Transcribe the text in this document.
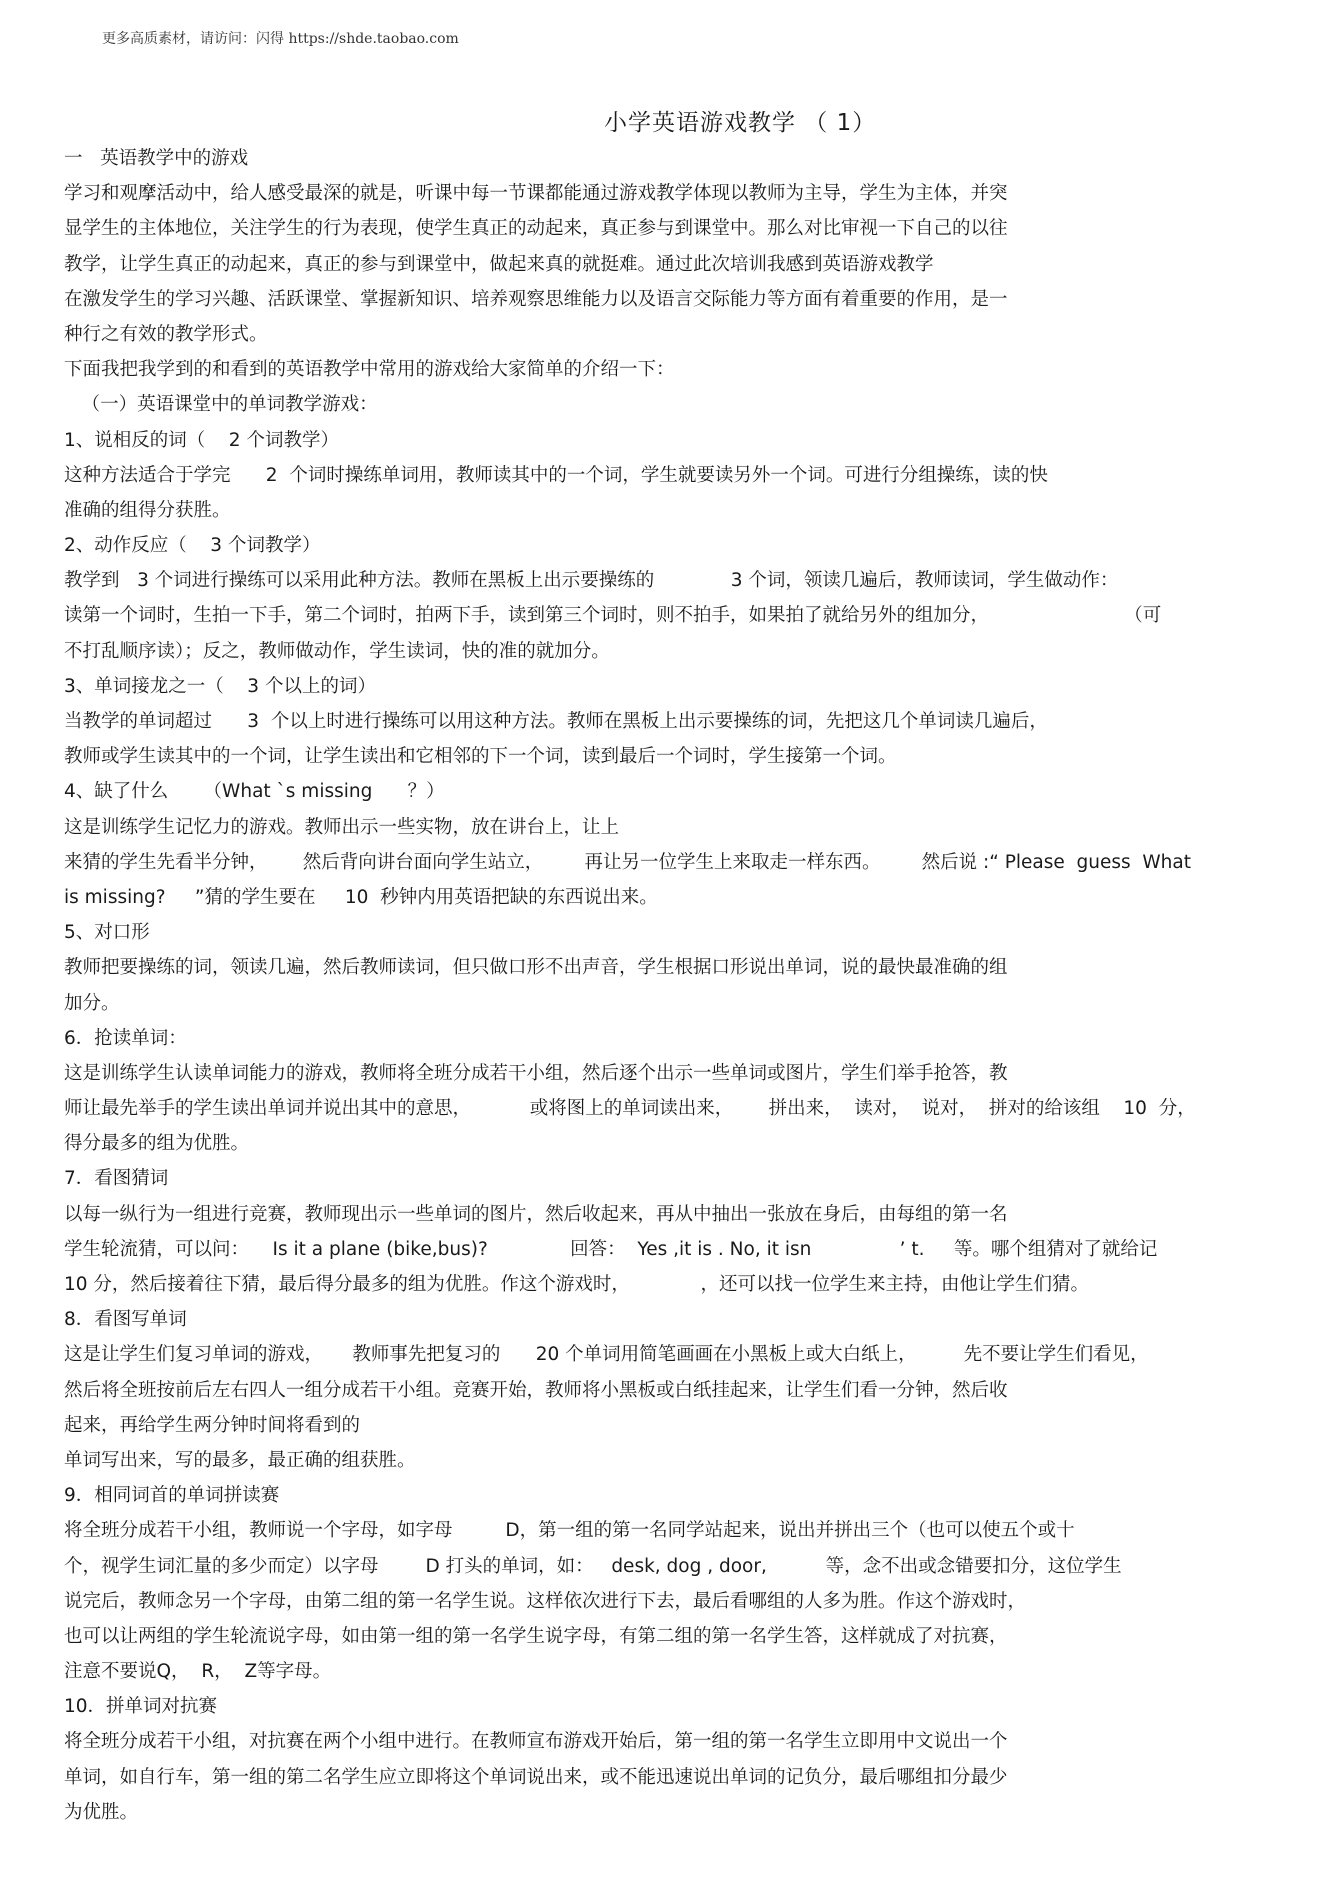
更多高质素材，请访问：闪得 https://shde.taobao.com
小学英语游戏教学 （ 1）
一   英语教学中的游戏
学习和观摩活动中，给人感受最深的就是，听课中每一节课都能通过游戏教学体现以教师为主导，学生为主体，并突
显学生的主体地位，关注学生的行为表现，使学生真正的动起来，真正参与到课堂中。那么对比审视一下自己的以往
教学，让学生真正的动起来，真正的参与到课堂中，做起来真的就挺难。通过此次培训我感到英语游戏教学
在激发学生的学习兴趣、活跃课堂、掌握新知识、培养观察思维能力以及语言交际能力等方面有着重要的作用，是一
种行之有效的教学形式。
下面我把我学到的和看到的英语教学中常用的游戏给大家简单的介绍一下：
（一）英语课堂中的单词教学游戏：
1、说相反的词（    2 个词教学）
这种方法适合于学完      2  个词时操练单词用，教师读其中的一个词，学生就要读另外一个词。可进行分组操练，读的快
准确的组得分获胜。
2、动作反应（    3 个词教学）
教学到   3 个词进行操练可以采用此种方法。教师在黑板上出示要操练的             3 个词，领读几遍后，教师读词，学生做动作：
读第一个词时，生拍一下手，第二个词时，拍两下手，读到第三个词时，则不拍手，如果拍了就给另外的组加分，                       （可
不打乱顺序读）；反之，教师做动作，学生读词，快的准的就加分。
3、单词接龙之一（    3 个以上的词）
当教学的单词超过      3  个以上时进行操练可以用这种方法。教师在黑板上出示要操练的词，先把这几个单词读几遍后，
教师或学生读其中的一个词，让学生读出和它相邻的下一个词，读到最后一个词时，学生接第一个词。
4、缺了什么      （What `s missing      ？）
这是训练学生记忆力的游戏。教师出示一些实物，放在讲台上，让上
来猜的学生先看半分钟，      然后背向讲台面向学生站立，       再让另一位学生上来取走一样东西。       然后说 :“ Please  guess  What
is missing?     ”猜的学生要在     10  秒钟内用英语把缺的东西说出来。
5、对口形
教师把要操练的词，领读几遍，然后教师读词，但只做口形不出声音，学生根据口形说出单词，说的最快最准确的组
加分。
6．抢读单词：
这是训练学生认读单词能力的游戏，教师将全班分成若干小组，然后逐个出示一些单词或图片，学生们举手抢答，教
师让最先举手的学生读出单词并说出其中的意思，          或将图上的单词读出来，      拼出来，  读对，  说对，  拼对的给该组    10  分，
得分最多的组为优胜。
7．看图猜词
以每一纵行为一组进行竞赛，教师现出示一些单词的图片，然后收起来，再从中抽出一张放在身后，由每组的第一名
学生轮流猜，可以问：    Is it a plane (bike,bus)?              回答：  Yes ,it is . No, it isn               ’ t.     等。哪个组猜对了就给记
10 分，然后接着往下猜，最后得分最多的组为优胜。作这个游戏时，            ，还可以找一位学生来主持，由他让学生们猜。
8．看图写单词
这是让学生们复习单词的游戏，     教师事先把复习的      20 个单词用简笔画画在小黑板上或大白纸上，        先不要让学生们看见，
然后将全班按前后左右四人一组分成若干小组。竞赛开始，教师将小黑板或白纸挂起来，让学生们看一分钟，然后收
起来，再给学生两分钟时间将看到的
单词写出来，写的最多，最正确的组获胜。
9．相同词首的单词拼读赛
将全班分成若干小组，教师说一个字母，如字母         D，第一组的第一名同学站起来，说出并拼出三个（也可以使五个或十
个，视学生词汇量的多少而定）以字母        D 打头的单词，如：   desk, dog , door,          等，念不出或念错要扣分，这位学生
说完后，教师念另一个字母，由第二组的第一名学生说。这样依次进行下去，最后看哪组的人多为胜。作这个游戏时，
也可以让两组的学生轮流说字母，如由第一组的第一名学生说字母，有第二组的第一名学生答，这样就成了对抗赛，
注意不要说Q，  R，  Z等字母。
10．拼单词对抗赛
将全班分成若干小组，对抗赛在两个小组中进行。在教师宣布游戏开始后，第一组的第一名学生立即用中文说出一个
单词，如自行车，第一组的第二名学生应立即将这个单词说出来，或不能迅速说出单词的记负分，最后哪组扣分最少
为优胜。
